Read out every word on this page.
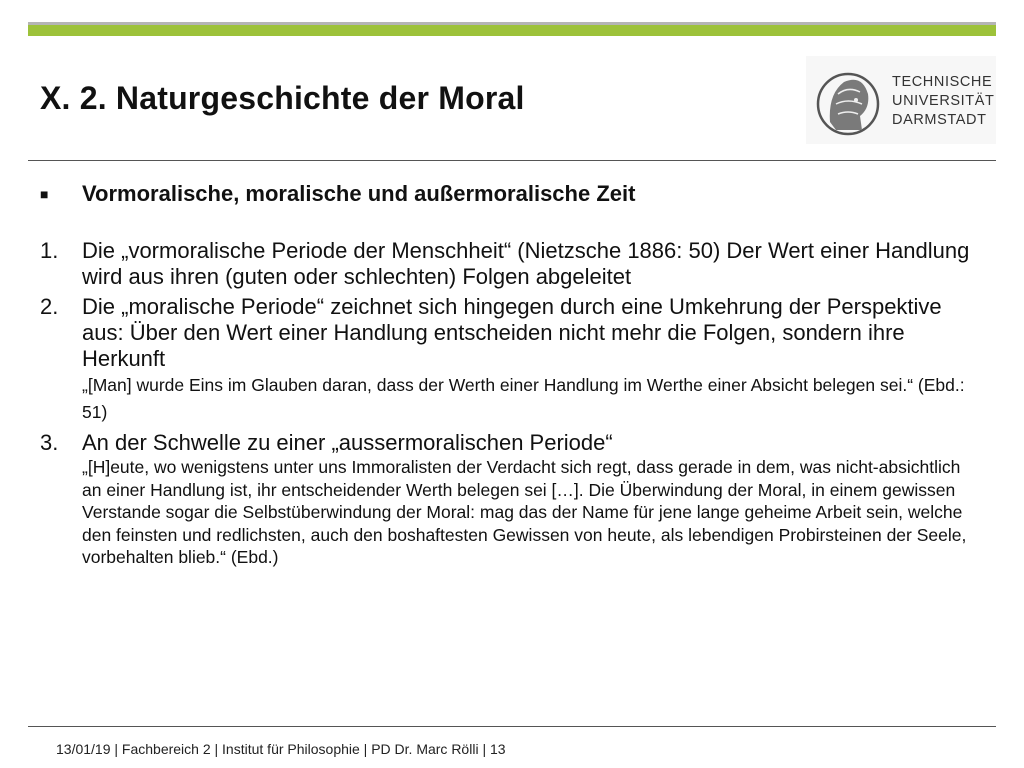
X. 2. Naturgeschichte der Moral	TECHNISCHE
UNIVERSITÄT
DARMSTADT
■	Vormoralische, moralische und außermoralische Zeit
1.	Die „vormoralische Periode der Menschheit“ (Nietzsche 1886: 50) Der Wert einer Handlung wird aus ihren (guten oder schlechten) Folgen abgeleitet
2.	Die „moralische Periode“ zeichnet sich hingegen durch eine Umkehrung der Perspektive aus: Über den Wert einer Handlung entscheiden nicht mehr die Folgen, sondern ihre Herkunft
„[Man] wurde Eins im Glauben daran, dass der Werth einer Handlung im Werthe einer Absicht belegen sei.“ (Ebd.: 51)
3.	An der Schwelle zu einer „aussermoralischen Periode“
„[H]eute, wo wenigstens unter uns Immoralisten der Verdacht sich regt, dass gerade in dem, was nicht-absichtlich an einer Handlung ist, ihr entscheidender Werth belegen sei […]. Die Überwindung der Moral, in einem gewissen Verstande sogar die Selbstüberwindung der Moral: mag das der Name für jene lange geheime Arbeit sein, welche den feinsten und redlichsten, auch den boshaftesten Gewissen von heute, als lebendigen Probirsteinen der Seele, vorbehalten blieb.“ (Ebd.)

13/01/19 | Fachbereich 2 | Institut für Philosophie | PD Dr. Marc Rölli | 13
